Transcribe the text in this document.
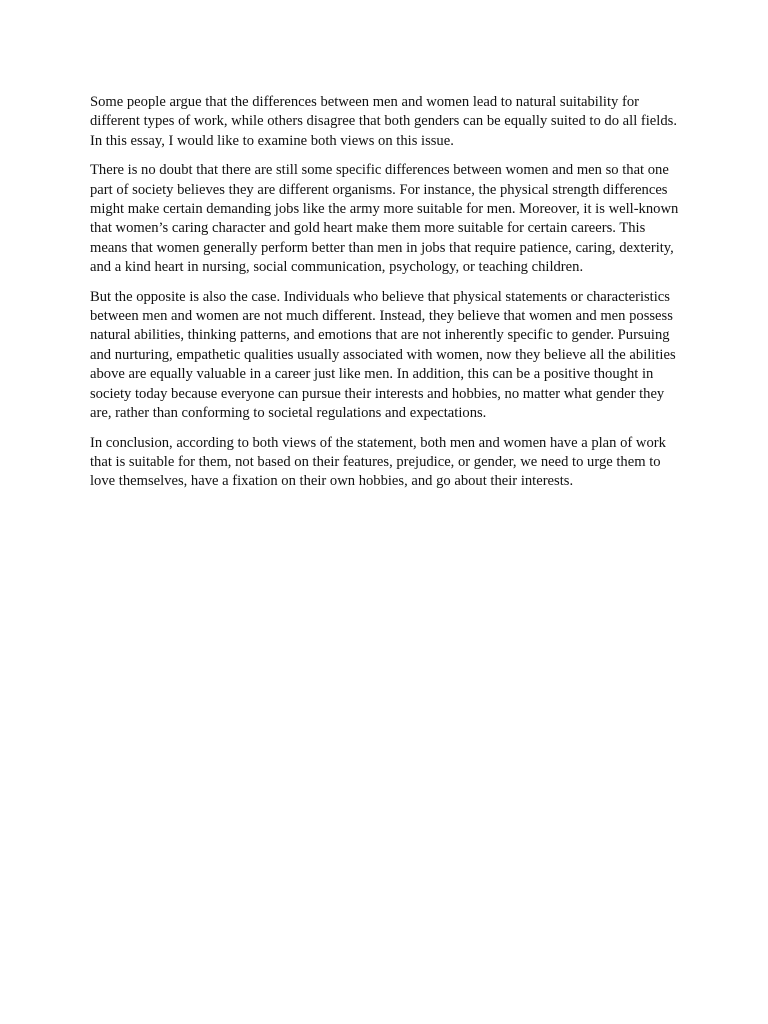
Some people argue that the differences between men and women lead to natural suitability for different types of work, while others disagree that both genders can be equally suited to do all fields. In this essay, I would like to examine both views on this issue.

There is no doubt that there are still some specific differences between women and men so that one part of society believes they are different organisms. For instance, the physical strength differences might make certain demanding jobs like the army more suitable for men. Moreover, it is well-known that women’s caring character and gold heart make them more suitable for certain careers. This means that women generally perform better than men in jobs that require patience, caring, dexterity, and a kind heart in nursing, social communication, psychology, or teaching children.

But the opposite is also the case. Individuals who believe that physical statements or characteristics between men and women are not much different. Instead, they believe that women and men possess natural abilities, thinking patterns, and emotions that are not inherently specific to gender. Pursuing and nurturing, empathetic qualities usually associated with women, now they believe all the abilities above are equally valuable in a career just like men. In addition, this can be a positive thought in society today because everyone can pursue their interests and hobbies, no matter what gender they are, rather than conforming to societal regulations and expectations.

In conclusion, according to both views of the statement, both men and women have a plan of work that is suitable for them, not based on their features, prejudice, or gender, we need to urge them to love themselves, have a fixation on their own hobbies, and go about their interests.
